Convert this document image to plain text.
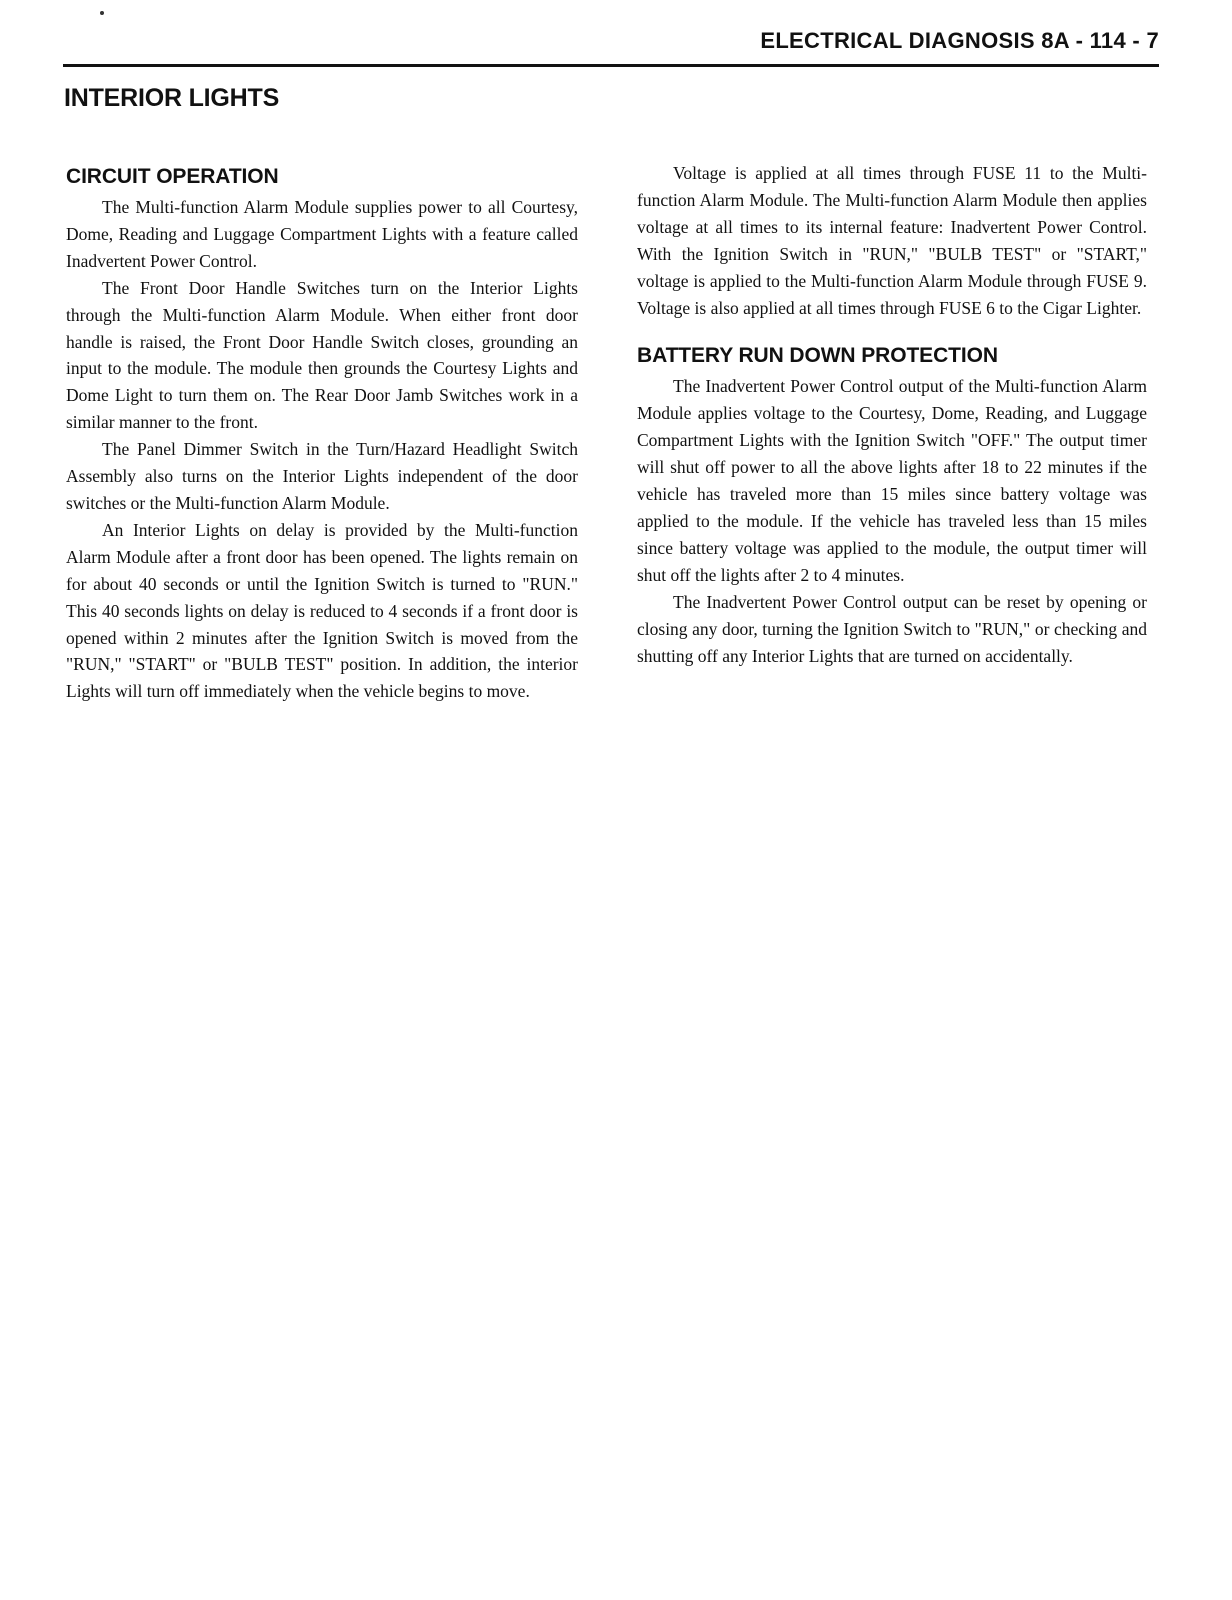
ELECTRICAL DIAGNOSIS 8A - 114 - 7
INTERIOR LIGHTS
CIRCUIT OPERATION

The Multi-function Alarm Module supplies power to all Courtesy, Dome, Reading and Luggage Compartment Lights with a feature called Inadvertent Power Control.

The Front Door Handle Switches turn on the Interior Lights through the Multi-function Alarm Module. When either front door handle is raised, the Front Door Handle Switch closes, grounding an input to the module. The module then grounds the Courtesy Lights and Dome Light to turn them on. The Rear Door Jamb Switches work in a similar manner to the front.

The Panel Dimmer Switch in the Turn/Hazard Headlight Switch Assembly also turns on the Interior Lights independent of the door switches or the Multi-function Alarm Module.

An Interior Lights on delay is provided by the Multi-function Alarm Module after a front door has been opened. The lights remain on for about 40 seconds or until the Ignition Switch is turned to "RUN." This 40 seconds lights on delay is reduced to 4 seconds if a front door is opened within 2 minutes after the Ignition Switch is moved from the "RUN," "START" or "BULB TEST" position. In addition, the interior Lights will turn off immediately when the vehicle begins to move.

Voltage is applied at all times through FUSE 11 to the Multi-function Alarm Module. The Multi-function Alarm Module then applies voltage at all times to its internal feature: Inadvertent Power Control. With the Ignition Switch in "RUN," "BULB TEST" or "START," voltage is applied to the Multi-function Alarm Module through FUSE 9. Voltage is also applied at all times through FUSE 6 to the Cigar Lighter.

BATTERY RUN DOWN PROTECTION

The Inadvertent Power Control output of the Multi-function Alarm Module applies voltage to the Courtesy, Dome, Reading, and Luggage Compartment Lights with the Ignition Switch "OFF." The output timer will shut off power to all the above lights after 18 to 22 minutes if the vehicle has traveled more than 15 miles since battery voltage was applied to the module. If the vehicle has traveled less than 15 miles since battery voltage was applied to the module, the output timer will shut off the lights after 2 to 4 minutes.

The Inadvertent Power Control output can be reset by opening or closing any door, turning the Ignition Switch to "RUN," or checking and shutting off any Interior Lights that are turned on accidentally.
